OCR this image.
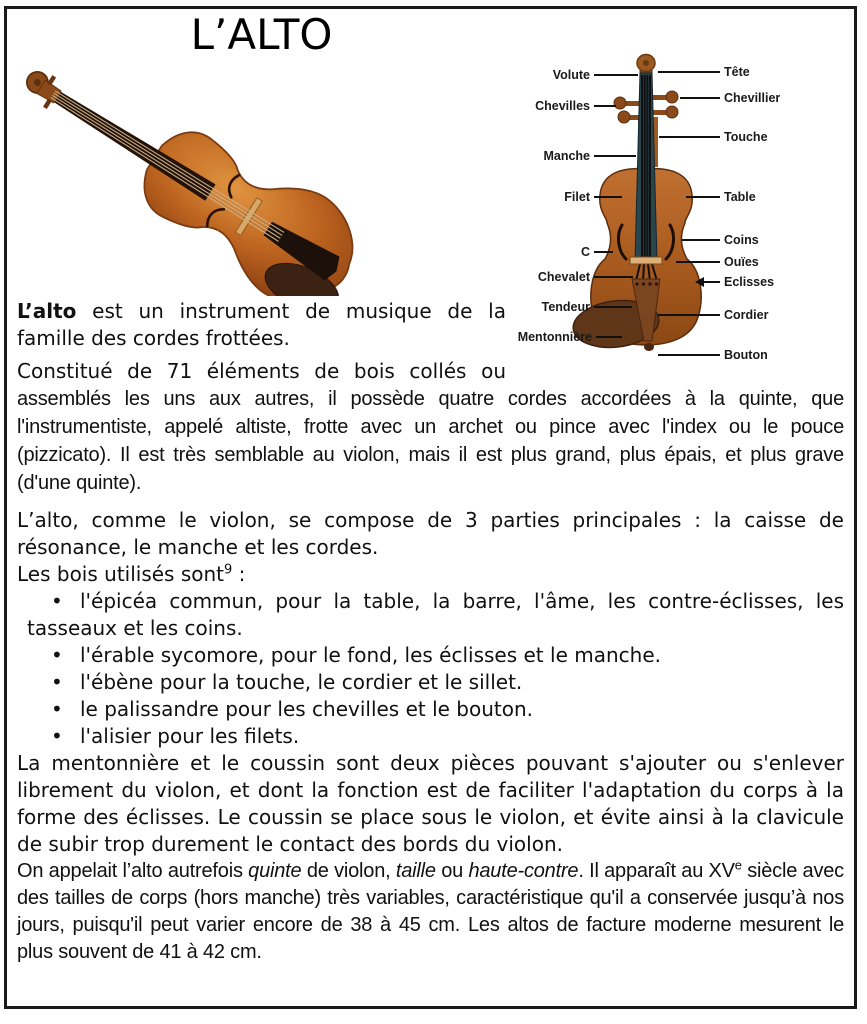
Volute
Chevilles
Manche
Filet
C
Chevalet
Tendeur
Mentonnière
Tête
Chevillier
Touche
Table
Coins
Ouïes
Eclisses
Cordier
Bouton
L’ALTO

L’alto est un instrument de musique de la famille des cordes frottées.

Constitué de 71 éléments de bois collés ou assemblés les uns aux autres, il possède quatre cordes accordées à la quinte, que l'instrumentiste, appelé altiste, frotte avec un archet ou pince avec l'index ou le pouce (pizzicato). Il est très semblable au violon, mais il est plus grand, plus épais, et plus grave (d'une quinte).

L’alto, comme le violon, se compose de 3 parties principales : la caisse de résonance, le manche et les cordes.

Les bois utilisés sont$^9$ :

• l'épicéa commun, pour la table, la barre, l'âme, les contre-éclisses, les tasseaux et les coins.
• l'érable sycomore, pour le fond, les éclisses et le manche.
• l'ébène pour la touche, le cordier et le sillet.
• le palissandre pour les chevilles et le bouton.
• l'alisier pour les filets.

La mentonnière et le coussin sont deux pièces pouvant s'ajouter ou s'enlever librement du violon, et dont la fonction est de faciliter l'adaptation du corps à la forme des éclisses. Le coussin se place sous le violon, et évite ainsi à la clavicule de subir trop durement le contact des bords du violon.

On appelait l’alto autrefois quinte de violon, taille ou haute-contre. Il apparaît au XVe siècle avec des tailles de corps (hors manche) très variables, caractéristique qu'il a conservée jusqu’à nos jours, puisqu'il peut varier encore de 38 à 45 cm. Les altos de facture moderne mesurent le plus souvent de 41 à 42 cm.
